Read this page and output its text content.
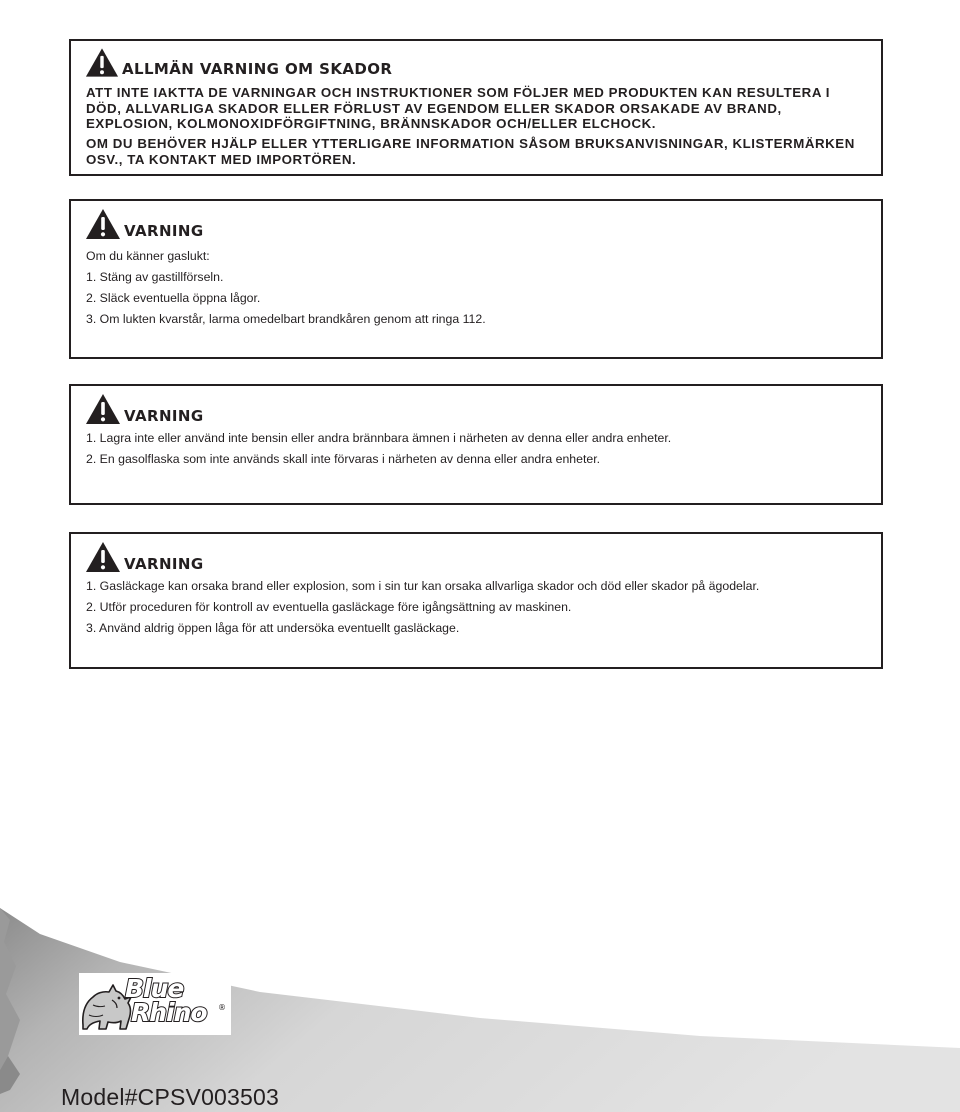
ALLMÄN VARNING OM SKADOR

ATT INTE IAKTTA DE VARNINGAR OCH INSTRUKTIONER SOM FÖLJER MED PRODUKTEN KAN RESULTERA I DÖD, ALLVARLIGA SKADOR ELLER FÖRLUST AV EGENDOM ELLER SKADOR ORSAKADE AV BRAND, EXPLOSION, KOLMONOXIDFÖRGIFTNING, BRÄNNSKADOR OCH/ELLER ELCHOCK.

OM DU BEHÖVER HJÄLP ELLER YTTERLIGARE INFORMATION SÅSOM BRUKSANVISNINGAR, KLISTERMÄRKEN OSV., TA KONTAKT MED IMPORTÖREN.

VARNING
Om du känner gaslukt:
1. Stäng av gastillförseln.
2. Släck eventuella öppna lågor.
3. Om lukten kvarstår, larma omedelbart brandkåren genom att ringa 112.
VARNING
1. Lagra inte eller använd inte bensin eller andra brännbara ämnen i närheten av denna eller andra enheter.
2. En gasolflaska som inte används skall inte förvaras i närheten av denna eller andra enheter.
VARNING
1. Gasläckage kan orsaka brand eller explosion, som i sin tur kan orsaka allvarliga skador och död eller skador på ägodelar.
2. Utför proceduren för kontroll av eventuella gasläckage före igångsättning av maskinen.
3. Använd aldrig öppen låga för att undersöka eventuellt gasläckage.
Blue
Rhino ®
Model#CPSV003503
